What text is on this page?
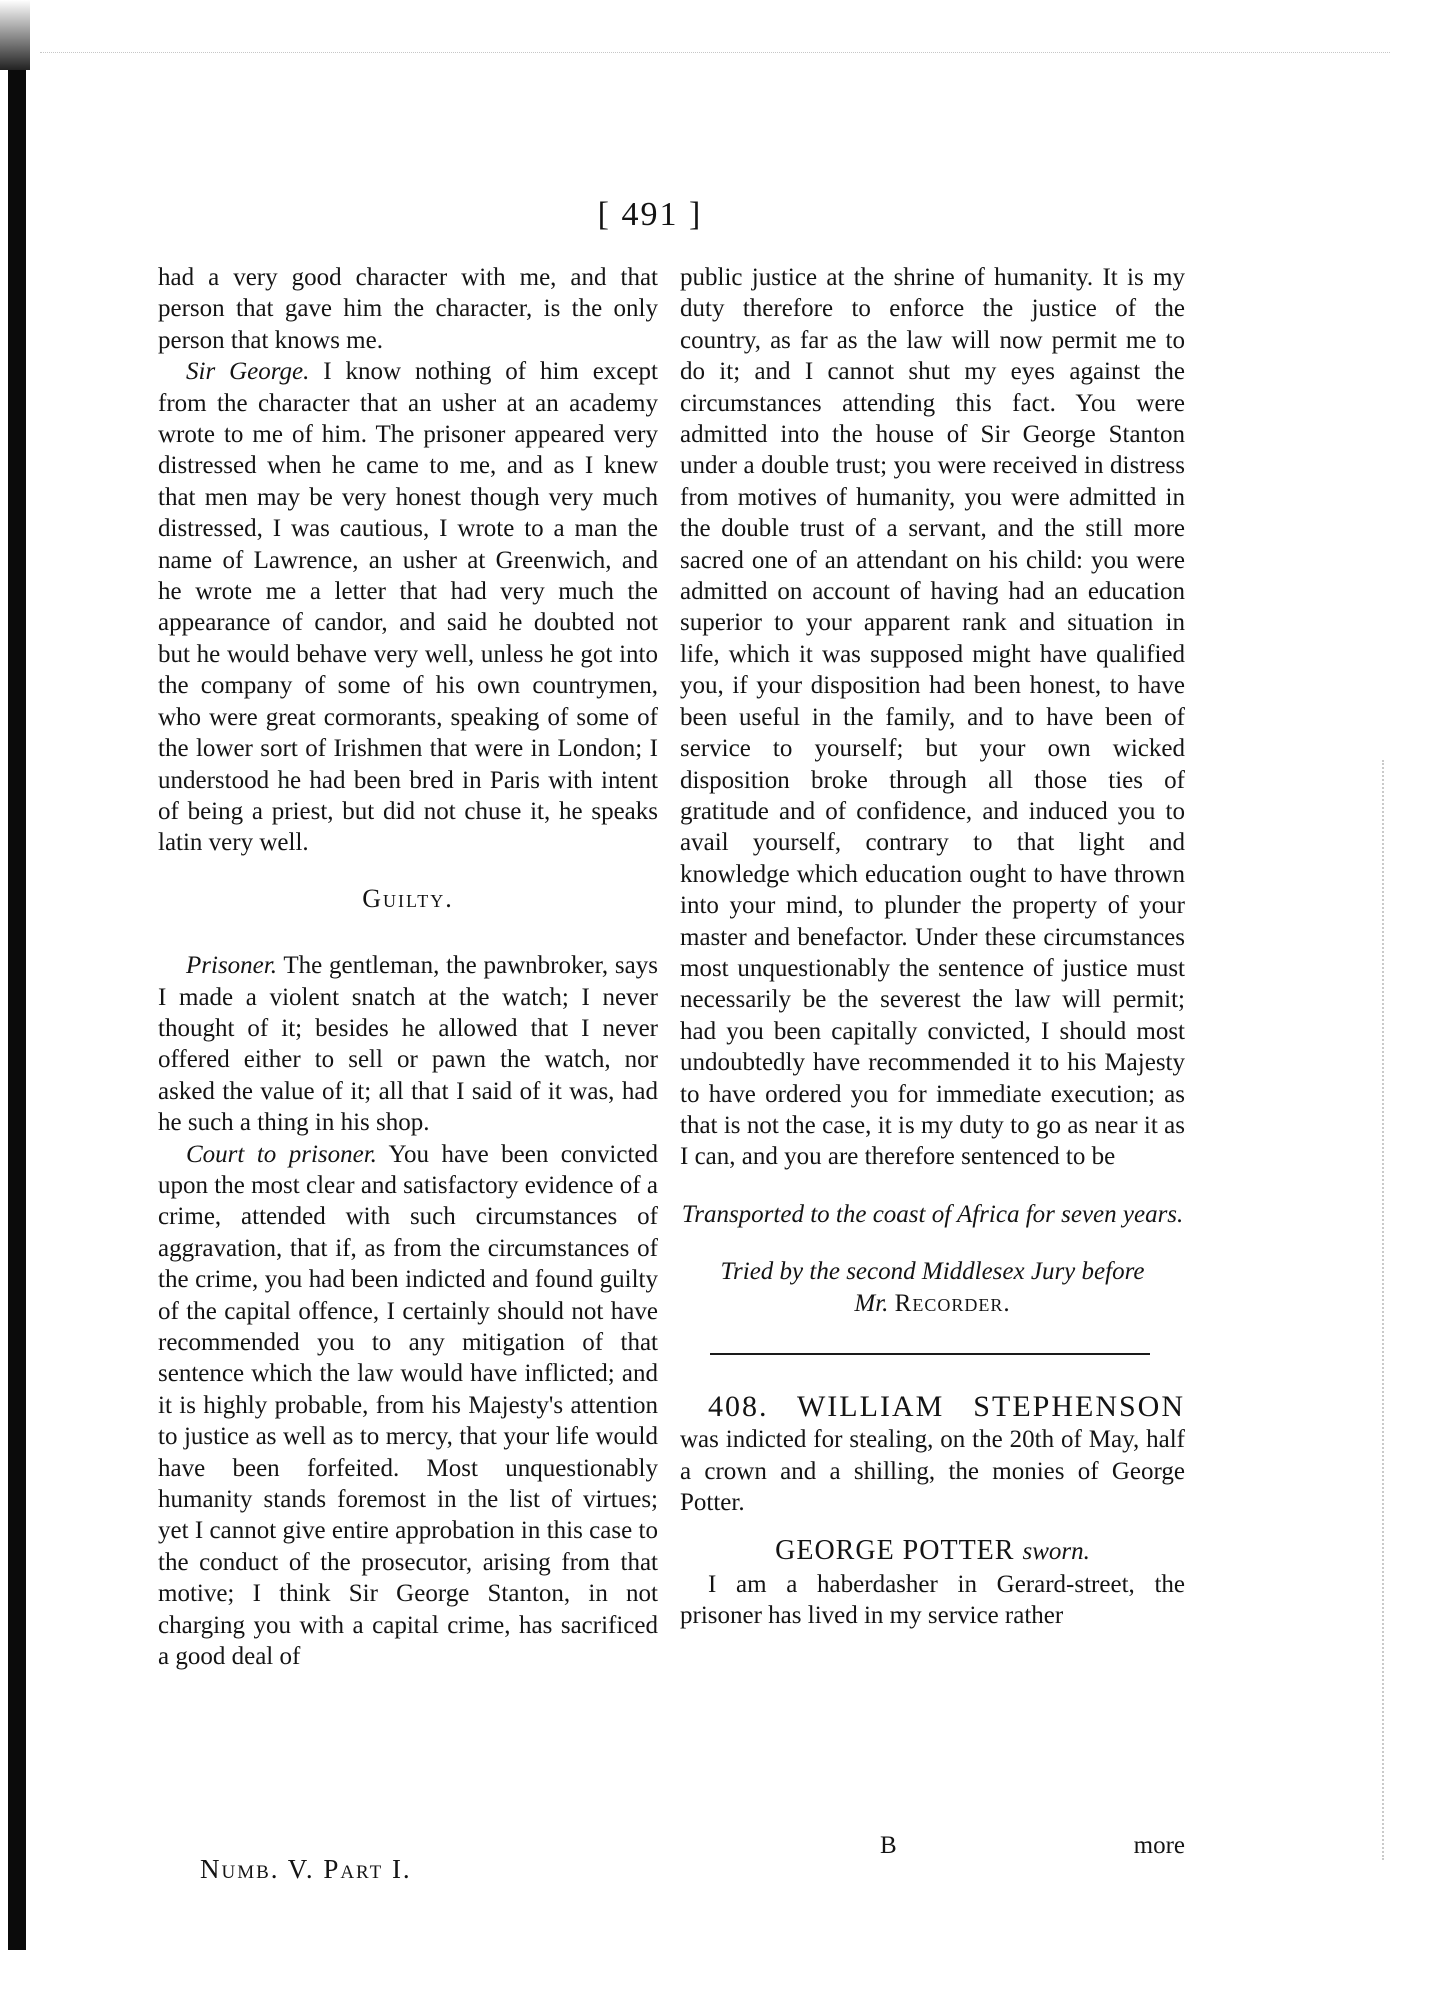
[ 491 ]

had a very good character with me, and that person that gave him the character, is the only person that knows me.

Sir George. I know nothing of him except from the character that an usher at an academy wrote to me of him. The prisoner appeared very distressed when he came to me, and as I knew that men may be very honest though very much distressed, I was cautious, I wrote to a man the name of Lawrence, an usher at Greenwich, and he wrote me a letter that had very much the appearance of candor, and said he doubted not but he would behave very well, unless he got into the company of some of his own countrymen, who were great cormorants, speaking of some of the lower sort of Irishmen that were in London; I understood he had been bred in Paris with intent of being a priest, but did not chuse it, he speaks latin very well.

Guilty.

Prisoner. The gentleman, the pawnbroker, says I made a violent snatch at the watch; I never thought of it; besides he allowed that I never offered either to sell or pawn the watch, nor asked the value of it; all that I said of it was, had he such a thing in his shop.

Court to prisoner. You have been convicted upon the most clear and satisfactory evidence of a crime, attended with such circumstances of aggravation, that if, as from the circumstances of the crime, you had been indicted and found guilty of the capital offence, I certainly should not have recommended you to any mitigation of that sentence which the law would have inflicted; and it is highly probable, from his Majesty's attention to justice as well as to mercy, that your life would have been forfeited. Most unquestionably humanity stands foremost in the list of virtues; yet I cannot give entire approbation in this case to the conduct of the prosecutor, arising from that motive; I think Sir George Stanton, in not charging you with a capital crime, has sacrificed a good deal of

public justice at the shrine of humanity. It is my duty therefore to enforce the justice of the country, as far as the law will now permit me to do it; and I cannot shut my eyes against the circumstances attending this fact. You were admitted into the house of Sir George Stanton under a double trust; you were received in distress from motives of humanity, you were admitted in the double trust of a servant, and the still more sacred one of an attendant on his child: you were admitted on account of having had an education superior to your apparent rank and situation in life, which it was supposed might have qualified you, if your disposition had been honest, to have been useful in the family, and to have been of service to yourself; but your own wicked disposition broke through all those ties of gratitude and of confidence, and induced you to avail yourself, contrary to that light and knowledge which education ought to have thrown into your mind, to plunder the property of your master and benefactor. Under these circumstances most unquestionably the sentence of justice must necessarily be the severest the law will permit; had you been capitally convicted, I should most undoubtedly have recommended it to his Majesty to have ordered you for immediate execution; as that is not the case, it is my duty to go as near it as I can, and you are therefore sentenced to be

Transported to the coast of Africa for seven years.

Tried by the second Middlesex Jury before
Mr. Recorder.

408. WILLIAM STEPHENSON was indicted for stealing, on the 20th of May, half a crown and a shilling, the monies of George Potter.

GEORGE POTTER sworn.

I am a haberdasher in Gerard-street, the prisoner has lived in my service rather

B	more
Numb. V. Part I.
